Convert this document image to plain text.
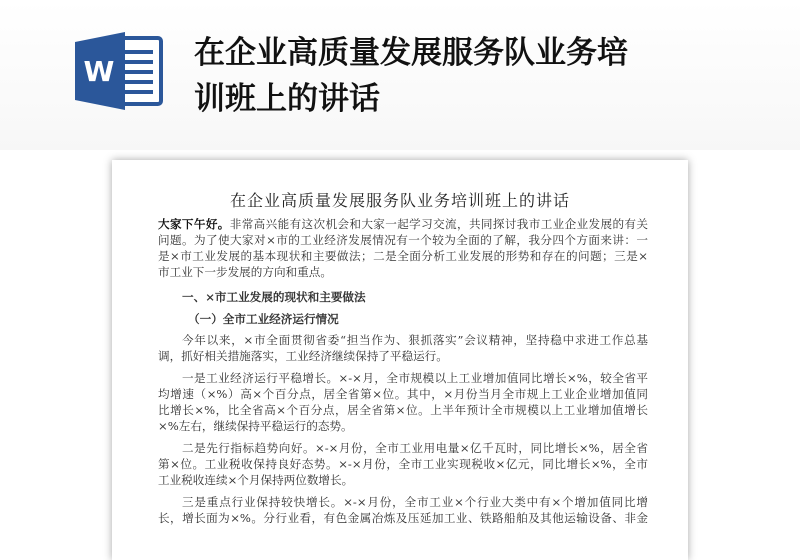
W
在企业高质量发展服务队业务培
训班上的讲话
在企业高质量发展服务队业务培训班上的讲话
大家下午好。非常高兴能有这次机会和大家一起学习交流，共同探讨我市工业企业发展的有关
问题。为了使大家对×市的工业经济发展情况有一个较为全面的了解，我分四个方面来讲：一
是×市工业发展的基本现状和主要做法；二是全面分析工业发展的形势和存在的问题；三是×
市工业下一步发展的方向和重点。
一、×市工业发展的现状和主要做法
（一）全市工业经济运行情况
今年以来，×市全面贯彻省委“担当作为、狠抓落实”会议精神，坚持稳中求进工作总基
调，抓好相关措施落实，工业经济继续保持了平稳运行。
一是工业经济运行平稳增长。×-×月，全市规模以上工业增加值同比增长×%，较全省平
均增速（×%）高×个百分点，居全省第×位。其中，×月份当月全市规上工业企业增加值同
比增长×%，比全省高×个百分点，居全省第×位。上半年预计全市规模以上工业增加值增长
×%左右，继续保持平稳运行的态势。
二是先行指标趋势向好。×-×月份，全市工业用电量×亿千瓦时，同比增长×%，居全省
第×位。工业税收保持良好态势。×-×月份，全市工业实现税收×亿元，同比增长×%，全市
工业税收连续×个月保持两位数增长。
三是重点行业保持较快增长。×-×月份，全市工业×个行业大类中有×个增加值同比增
长，增长面为×%。分行业看，有色金属冶炼及压延加工业、铁路船舶及其他运输设备、非金
